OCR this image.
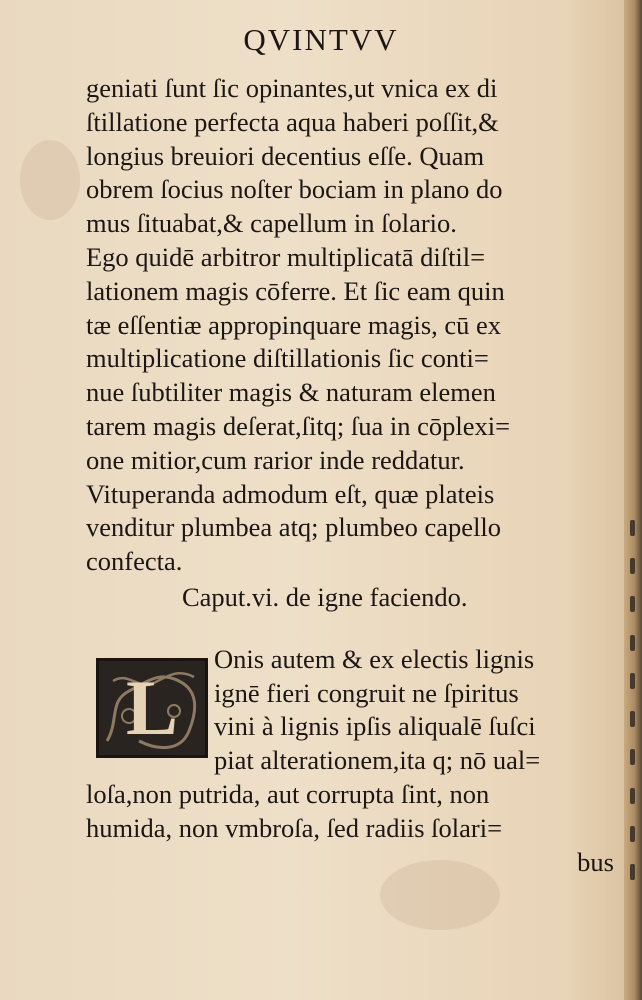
QVINTVV
geniati ſunt ſic opinantes,ut vnica ex di
ſtillatione perfecta aqua haberi poſſit,&
longius breuiori decentius eſſe. Quam
obrem ſocius noſter bociam in plano do
mus ſituabat,& capellum in ſolario.
Ego quidē arbitror multiplicatā diſtil=
lationem magis cōferre. Et ſic eam quin
tæ eſſentiæ appropinquare magis, cū ex
multiplicatione diſtillationis ſic conti=
nue ſubtiliter magis & naturam elemen
tarem magis deſerat,ſitq; ſua in cōplexi=
one mitior,cum rarior inde reddatur.
Vituperanda admodum eſt, quæ plateis
venditur plumbea atq; plumbeo capello
confecta.
Caput.vi. de igne faciendo.
Onis autem & ex electis lignis
ignē fieri congruit ne ſpiritus
vini à lignis ipſis aliqualē ſuſci
piat alterationem,ita q; nō ual=
loſa,non putrida, aut corrupta ſint, non
humida, non vmbroſa, ſed radiis ſolari=
bus
L
